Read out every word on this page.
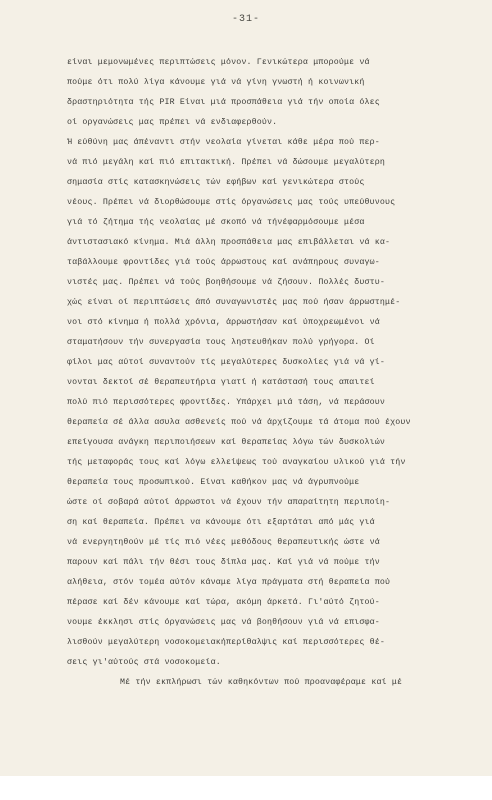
-31-
είναι μεμονωμένες περιπτώσεις μόνον. Γενικώτερα μπορούμε νά
πούμε ότι πολύ λίγα κάνουμε γιά νά γίνη γνωστή ή κοινωνική
δραστηριότητα τής PIR Είναι μιά προσπάθεια γιά τήν οποία όλες
οί οργανώσεις μας πρέπει νά ενδιαφερθούν.
Ή εύθύνη μας άπέναντι στήν νεολαία γίνεται κάθε μέρα πού περ-
νά πιό μεγάλη καί πιό επιτακτική. Πρέπει νά δώσουμε μεγαλύτερη
σημασία στίς κατασκηνώσεις τών εφήβων καί γενικώτερα στούς
νέους. Πρέπει νά διορθώσουμε στίς όργανώσεις μας τούς υπεύθυνους
γιά τό ζήτημα τής νεολαίας μέ σκοπό νά τήνέφαρμόσουμε μέσα
άντιστασιακό κίνημα. Μιά άλλη προσπάθεια μας επιβάλλεται νά κα-
ταβάλλουμε φροντίδες γιά τούς άρρωστους καί ανάπηρους συναγω-
νιστές μας. Πρέπει νά τούς βοηθήσουμε νά ζήσουν. Πολλές δυστυ-
χώς είναι οί περιπτώσεις άπό συναγωνιστές μας πού ήσαν άρρωστημέ-
νοι στό κίνημα ή πολλά χρόνια, άρρωστήσαν καί ύποχρεωμένοι νά
σταματήσουν τήν συνεργασία τους ληστευθήκαν πολύ γρήγορα. Οί
φίλοι μας αύτοί συναντούν τίς μεγαλύτερες δυσκολίες γιά νά γί-
νονται δεκτοί σέ θεραπευτήρια γιατί ή κατάστασή τους απαιτεί
πολύ πιό περισσότερες φροντίδες. Υπάρχει μιά τάση, νά περάσουν
θεραπεία σέ άλλα ασυλα ασθενείς πού νά άρχίζουμε τά άτομα πού έχουν
επείγουσα ανάγκη περιποιήσεων καί θεραπείας λόγω τών δυσκολιών
τής μεταφοράς τους καί λόγω ελλείψεως τού αναγκαίου υλικού γιά τήν
θεραπεία τους προσωπικού. Είναι καθήκον μας νά άγρυπνούμε
ώστε οί σοβαρά αύτοί άρρωστοι νά έχουν τήν απαραίτητη περιποίη-
ση καί θεραπεία. Πρέπει να κάνουμε ότι εξαρτάται από μάς γιά
νά ενεργητηθούν μέ τίς πιό νέες μεθόδους θεραπευτικής ώστε νά
παρουν καί πάλι τήν θέσι τους δίπλα μας. Καί γιά νά πούμε τήν
αλήθεια, στόν τομέα αύτόν κάναμε λίγα πράγματα στή θεραπεία πού
πέρασε καί δέν κάνουμε καί τώρα, ακόμη άρκετά. Γι'αύτό ζητού-
νουμε έκκλησι στίς όργανώσεις μας νά βοηθήσουν γιά νά επισφα-
λισθούν μεγαλύτερη νοσοκομειακήπερίθαλψις καί περισσότερες θέ-
σεις γι'αύτούς στά νοσοκομεία.
Μέ τήν εκπλήρωσι τών καθηκόντων πού προαναφέραμε καί μέ
